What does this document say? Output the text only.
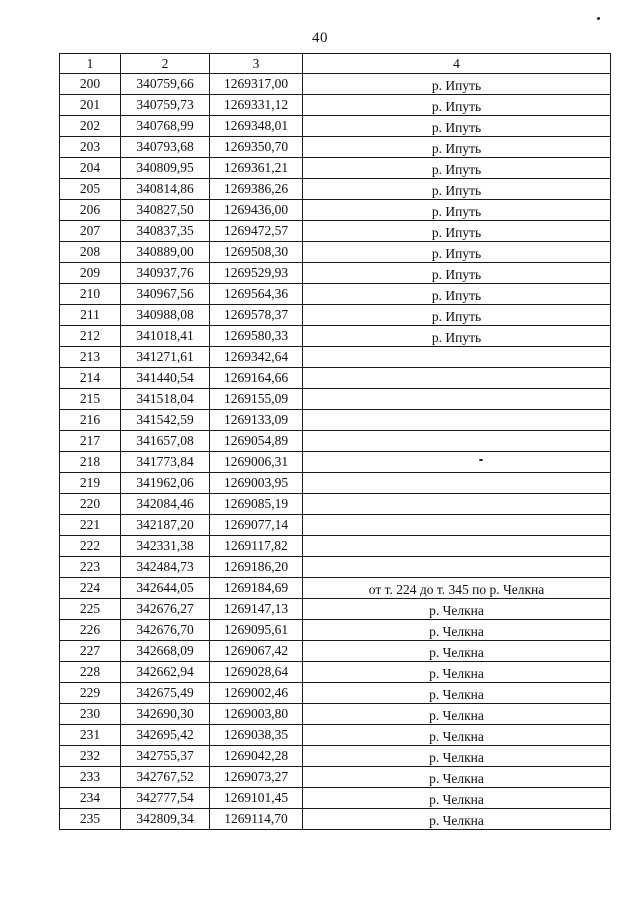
40
1	2	3	4
200	340759,66	1269317,00	р. Ипуть
201	340759,73	1269331,12	р. Ипуть
202	340768,99	1269348,01	р. Ипуть
203	340793,68	1269350,70	р. Ипуть
204	340809,95	1269361,21	р. Ипуть
205	340814,86	1269386,26	р. Ипуть
206	340827,50	1269436,00	р. Ипуть
207	340837,35	1269472,57	р. Ипуть
208	340889,00	1269508,30	р. Ипуть
209	340937,76	1269529,93	р. Ипуть
210	340967,56	1269564,36	р. Ипуть
211	340988,08	1269578,37	р. Ипуть
212	341018,41	1269580,33	р. Ипуть
213	341271,61	1269342,64	
214	341440,54	1269164,66	
215	341518,04	1269155,09	
216	341542,59	1269133,09	
217	341657,08	1269054,89	
218	341773,84	1269006,31	
219	341962,06	1269003,95	
220	342084,46	1269085,19	
221	342187,20	1269077,14	
222	342331,38	1269117,82	
223	342484,73	1269186,20	
224	342644,05	1269184,69	от т. 224 до т. 345 по р. Челкна
225	342676,27	1269147,13	р. Челкна
226	342676,70	1269095,61	р. Челкна
227	342668,09	1269067,42	р. Челкна
228	342662,94	1269028,64	р. Челкна
229	342675,49	1269002,46	р. Челкна
230	342690,30	1269003,80	р. Челкна
231	342695,42	1269038,35	р. Челкна
232	342755,37	1269042,28	р. Челкна
233	342767,52	1269073,27	р. Челкна
234	342777,54	1269101,45	р. Челкна
235	342809,34	1269114,70	р. Челкна
